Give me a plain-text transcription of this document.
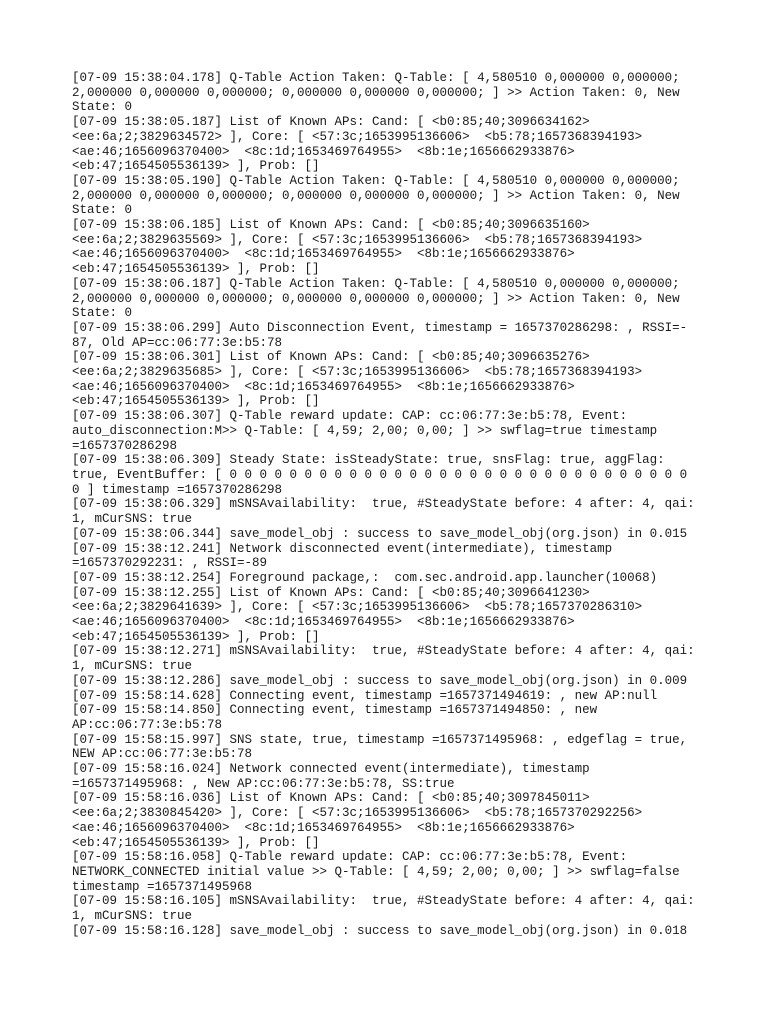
[07-09 15:38:04.178] Q-Table Action Taken: Q-Table: [ 4,580510 0,000000 0,000000;
2,000000 0,000000 0,000000; 0,000000 0,000000 0,000000; ] >> Action Taken: 0, New
State: 0
[07-09 15:38:05.187] List of Known APs: Cand: [ <b0:85;40;3096634162>
<ee:6a;2;3829634572> ], Core: [ <57:3c;1653995136606>  <b5:78;1657368394193>
<ae:46;1656096370400>  <8c:1d;1653469764955>  <8b:1e;1656662933876>
<eb:47;1654505536139> ], Prob: []
[07-09 15:38:05.190] Q-Table Action Taken: Q-Table: [ 4,580510 0,000000 0,000000;
2,000000 0,000000 0,000000; 0,000000 0,000000 0,000000; ] >> Action Taken: 0, New
State: 0
[07-09 15:38:06.185] List of Known APs: Cand: [ <b0:85;40;3096635160>
<ee:6a;2;3829635569> ], Core: [ <57:3c;1653995136606>  <b5:78;1657368394193>
<ae:46;1656096370400>  <8c:1d;1653469764955>  <8b:1e;1656662933876>
<eb:47;1654505536139> ], Prob: []
[07-09 15:38:06.187] Q-Table Action Taken: Q-Table: [ 4,580510 0,000000 0,000000;
2,000000 0,000000 0,000000; 0,000000 0,000000 0,000000; ] >> Action Taken: 0, New
State: 0
[07-09 15:38:06.299] Auto Disconnection Event, timestamp = 1657370286298: , RSSI=-
87, Old AP=cc:06:77:3e:b5:78
[07-09 15:38:06.301] List of Known APs: Cand: [ <b0:85;40;3096635276>
<ee:6a;2;3829635685> ], Core: [ <57:3c;1653995136606>  <b5:78;1657368394193>
<ae:46;1656096370400>  <8c:1d;1653469764955>  <8b:1e;1656662933876>
<eb:47;1654505536139> ], Prob: []
[07-09 15:38:06.307] Q-Table reward update: CAP: cc:06:77:3e:b5:78, Event:
auto_disconnection:M>> Q-Table: [ 4,59; 2,00; 0,00; ] >> swflag=true timestamp
=1657370286298
[07-09 15:38:06.309] Steady State: isSteadyState: true, snsFlag: true, aggFlag:
true, EventBuffer: [ 0 0 0 0 0 0 0 0 0 0 0 0 0 0 0 0 0 0 0 0 0 0 0 0 0 0 0 0 0 0 0
0 ] timestamp =1657370286298
[07-09 15:38:06.329] mSNSAvailability:  true, #SteadyState before: 4 after: 4, qai:
1, mCurSNS: true
[07-09 15:38:06.344] save_model_obj : success to save_model_obj(org.json) in 0.015
[07-09 15:38:12.241] Network disconnected event(intermediate), timestamp
=1657370292231: , RSSI=-89
[07-09 15:38:12.254] Foreground package,:  com.sec.android.app.launcher(10068)
[07-09 15:38:12.255] List of Known APs: Cand: [ <b0:85;40;3096641230>
<ee:6a;2;3829641639> ], Core: [ <57:3c;1653995136606>  <b5:78;1657370286310>
<ae:46;1656096370400>  <8c:1d;1653469764955>  <8b:1e;1656662933876>
<eb:47;1654505536139> ], Prob: []
[07-09 15:38:12.271] mSNSAvailability:  true, #SteadyState before: 4 after: 4, qai:
1, mCurSNS: true
[07-09 15:38:12.286] save_model_obj : success to save_model_obj(org.json) in 0.009
[07-09 15:58:14.628] Connecting event, timestamp =1657371494619: , new AP:null
[07-09 15:58:14.850] Connecting event, timestamp =1657371494850: , new
AP:cc:06:77:3e:b5:78
[07-09 15:58:15.997] SNS state, true, timestamp =1657371495968: , edgeflag = true,
NEW AP:cc:06:77:3e:b5:78
[07-09 15:58:16.024] Network connected event(intermediate), timestamp
=1657371495968: , New AP:cc:06:77:3e:b5:78, SS:true
[07-09 15:58:16.036] List of Known APs: Cand: [ <b0:85;40;3097845011>
<ee:6a;2;3830845420> ], Core: [ <57:3c;1653995136606>  <b5:78;1657370292256>
<ae:46;1656096370400>  <8c:1d;1653469764955>  <8b:1e;1656662933876>
<eb:47;1654505536139> ], Prob: []
[07-09 15:58:16.058] Q-Table reward update: CAP: cc:06:77:3e:b5:78, Event:
NETWORK_CONNECTED initial value >> Q-Table: [ 4,59; 2,00; 0,00; ] >> swflag=false
timestamp =1657371495968
[07-09 15:58:16.105] mSNSAvailability:  true, #SteadyState before: 4 after: 4, qai:
1, mCurSNS: true
[07-09 15:58:16.128] save_model_obj : success to save_model_obj(org.json) in 0.018
